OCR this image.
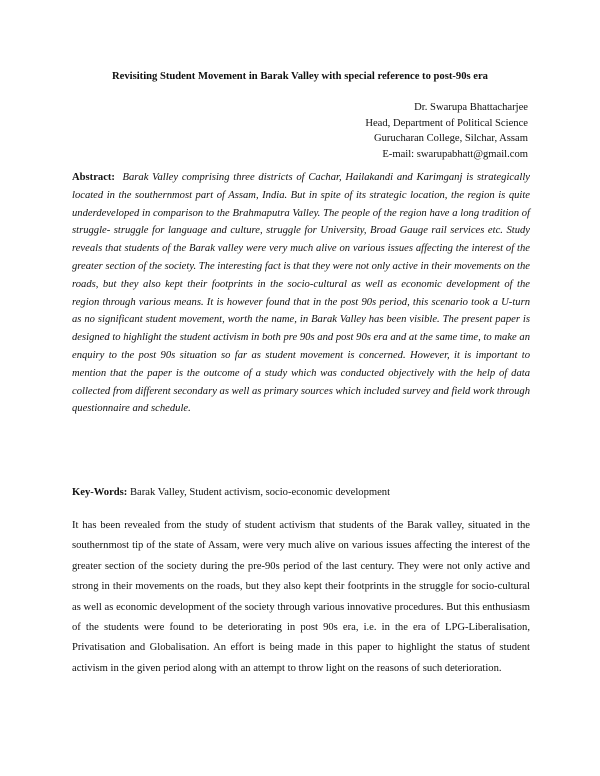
Revisiting Student Movement in Barak Valley with special reference to post-90s era
Dr. Swarupa Bhattacharjee
Head, Department of Political Science
Gurucharan College, Silchar, Assam
E-mail: swarupabhatt@gmail.com
Abstract: Barak Valley comprising three districts of Cachar, Hailakandi and Karimganj is strategically located in the southernmost part of Assam, India. But in spite of its strategic location, the region is quite underdeveloped in comparison to the Brahmaputra Valley. The people of the region have a long tradition of struggle- struggle for language and culture, struggle for University, Broad Gauge rail services etc. Study reveals that students of the Barak valley were very much alive on various issues affecting the interest of the greater section of the society. The interesting fact is that they were not only active in their movements on the roads, but they also kept their footprints in the socio-cultural as well as economic development of the region through various means. It is however found that in the post 90s period, this scenario took a U-turn as no significant student movement, worth the name, in Barak Valley has been visible. The present paper is designed to highlight the student activism in both pre 90s and post 90s era and at the same time, to make an enquiry to the post 90s situation so far as student movement is concerned. However, it is important to mention that the paper is the outcome of a study which was conducted objectively with the help of data collected from different secondary as well as primary sources which included survey and field work through questionnaire and schedule.
Key-Words: Barak Valley, Student activism, socio-economic development
It has been revealed from the study of student activism that students of the Barak valley, situated in the southernmost tip of the state of Assam, were very much alive on various issues affecting the interest of the greater section of the society during the pre-90s period of the last century. They were not only active and strong in their movements on the roads, but they also kept their footprints in the struggle for socio-cultural as well as economic development of the society through various innovative procedures. But this enthusiasm of the students were found to be deteriorating in post 90s era, i.e. in the era of LPG-Liberalisation, Privatisation and Globalisation. An effort is being made in this paper to highlight the status of student activism in the given period along with an attempt to throw light on the reasons of such deterioration.
